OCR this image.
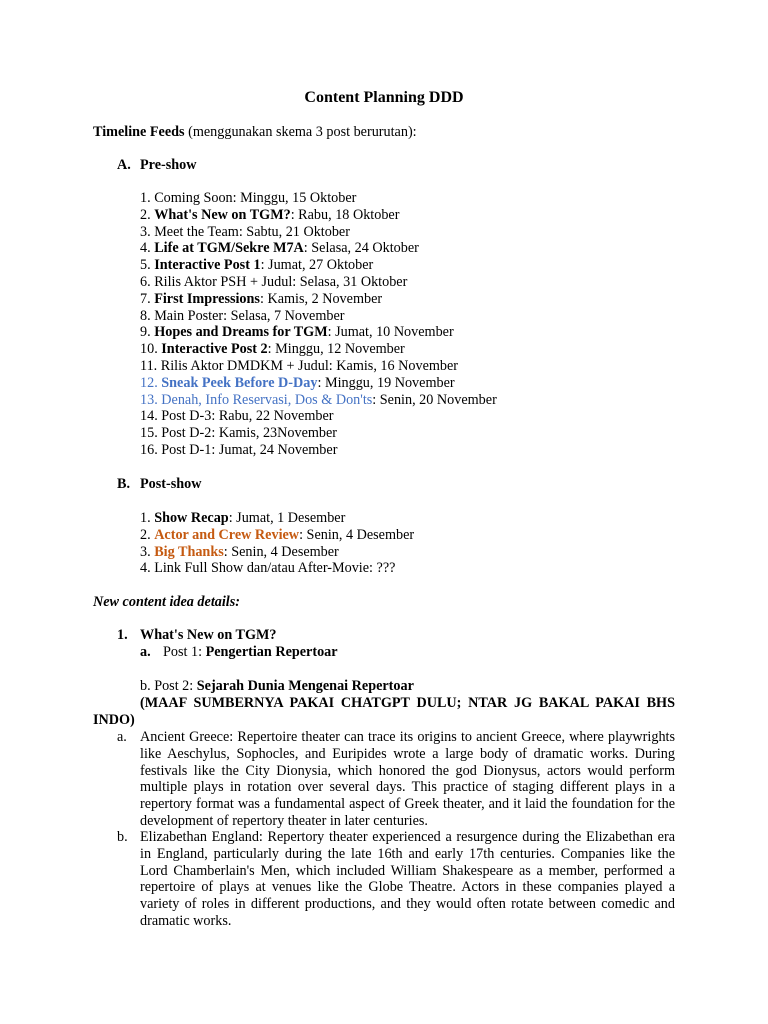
Content Planning DDD
Timeline Feeds (menggunakan skema 3 post berurutan):
A. Pre-show
1. Coming Soon: Minggu, 15 Oktober
2. What's New on TGM?: Rabu, 18 Oktober
3. Meet the Team: Sabtu, 21 Oktober
4. Life at TGM/Sekre M7A: Selasa, 24 Oktober
5. Interactive Post 1: Jumat, 27 Oktober
6. Rilis Aktor PSH + Judul: Selasa, 31 Oktober
7. First Impressions: Kamis, 2 November
8. Main Poster: Selasa, 7 November
9. Hopes and Dreams for TGM: Jumat, 10 November
10. Interactive Post 2: Minggu, 12 November
11. Rilis Aktor DMDKM + Judul: Kamis, 16 November
12. Sneak Peek Before D-Day: Minggu, 19 November
13. Denah, Info Reservasi, Dos & Don'ts: Senin, 20 November
14. Post D-3: Rabu, 22 November
15. Post D-2: Kamis, 23November
16. Post D-1: Jumat, 24 November
B. Post-show
1. Show Recap: Jumat, 1 Desember
2. Actor and Crew Review: Senin, 4 Desember
3. Big Thanks: Senin, 4 Desember
4. Link Full Show dan/atau After-Movie: ???
New content idea details:
1. What's New on TGM?
a. Post 1: Pengertian Repertoar
b. Post 2: Sejarah Dunia Mengenai Repertoar
(MAAF SUMBERNYA PAKAI CHATGPT DULU; NTAR JG BAKAL PAKAI BHS INDO)
a. Ancient Greece: Repertoire theater can trace its origins to ancient Greece, where playwrights like Aeschylus, Sophocles, and Euripides wrote a large body of dramatic works. During festivals like the City Dionysia, which honored the god Dionysus, actors would perform multiple plays in rotation over several days. This practice of staging different plays in a repertory format was a fundamental aspect of Greek theater, and it laid the foundation for the development of repertory theater in later centuries.
b. Elizabethan England: Repertory theater experienced a resurgence during the Elizabethan era in England, particularly during the late 16th and early 17th centuries. Companies like the Lord Chamberlain's Men, which included William Shakespeare as a member, performed a repertoire of plays at venues like the Globe Theatre. Actors in these companies played a variety of roles in different productions, and they would often rotate between comedic and dramatic works.
